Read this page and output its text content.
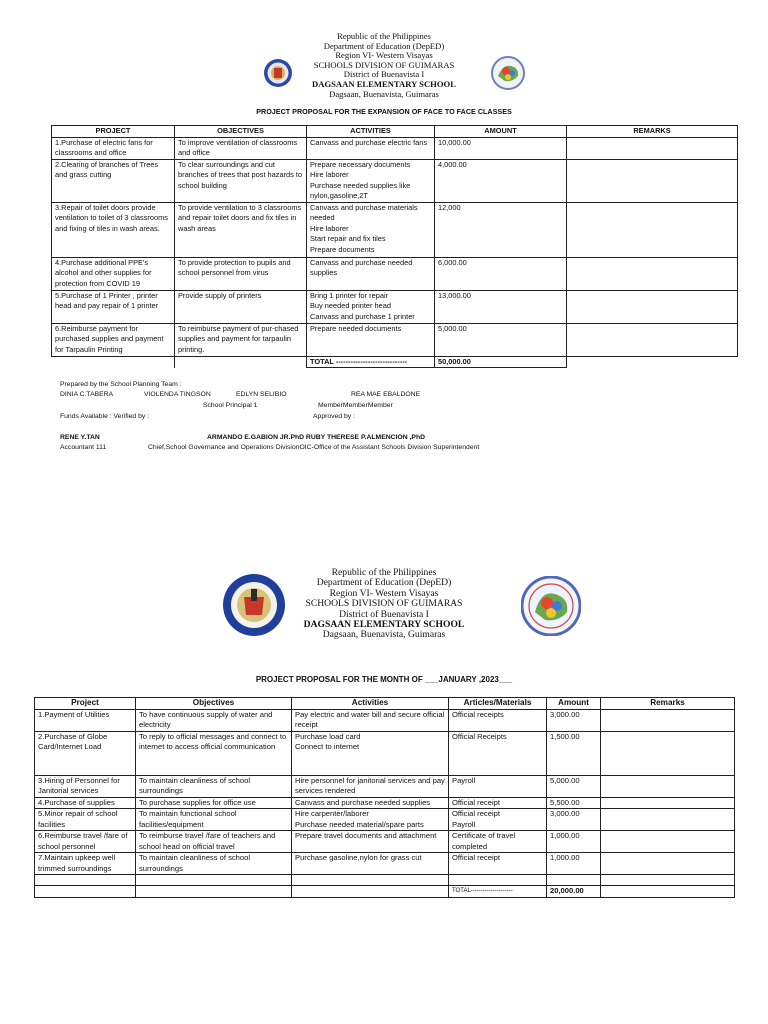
Republic of the Philippines
Department of Education (DepED)
Region VI- Western Visayas
SCHOOLS DIVISION OF GUIMARAS
District of Buenavista I
DAGSAAN ELEMENTARY SCHOOL
Dagsaan, Buenavista, Guimaras
PROJECT PROPOSAL FOR THE EXPANSION OF FACE TO FACE CLASSES
PROJECT	OBJECTIVES	ACTIVITIES	AMOUNT	REMARKS
1.Purchase of electric fans for classrooms and office	To improve ventilation of classrooms and office	Canvass and purchase electric fans	10,000.00	
2.Clearing of branches of Trees and grass cutting	To clear surroundings and cut branches of trees that post hazards to school building	Prepare necessary documents
Hire laborer
Purchase needed supplies like nylon,gasoline,2T	4,000.00	
3.Repair of toilet doors provide ventilation to toilet of 3 classrooms and fixing of tiles in wash areas.	To provide ventilation to 3 classrooms and repair toilet doors and fix tiles in wash areas	Canvass and purchase materials needed
Hire laborer
Start repair and fix tiles
Prepare documents	12,000	
4.Purchase additional PPE's alcohol and other supplies for protection from COVID 19	To provide protection to pupils and school personnel from virus	Canvass and purchase needed supplies	6,000.00	
5.Purchase of 1 Printer , printer head and pay repair of 1 printer	Provide supply of printers	Bring 1 printer for repair
Buy needed printer head
Canvass and purchase 1 printer	13,000.00	
6.Reimburse payment for purchased supplies and payment for Tarpaulin Printing	To reimburse payment of pur-chased supplies and payment for tarpaulin printing.	Prepare needed documents	5,000.00	
		TOTAL -----------------------------	50,000.00	
Prepared by the School Planning Team :
DINIA C.TABERA	VIOLENDA TINGSON	EDLYN SELIBIO	REA MAE EBALDONE
School Principal 1	MemberMemberMember
Funds Available : Verified by :	Approved by :
RENE Y.TAN	ARMANDO E.GABION JR.PhD RUBY THERESE P.ALMENCION ,PhD
Accountant 111	Chief,School Governance and Operations DivisionOIC-Office of the Assistant Schools Division Superintendent
Republic of the Philippines
Department of Education (DepED)
Region VI- Western Visayas
SCHOOLS DIVISION OF GUIMARAS
District of Buenavista I
DAGSAAN ELEMENTARY SCHOOL
Dagsaan, Buenavista, Guimaras
PROJECT PROPOSAL FOR THE MONTH OF ___JANUARY ,2023___
Project	Objectives	Activities	Articles/Materials	Amount	Remarks
1.Payment of Utilities	To have continuous supply of water and electricity	Pay electric and water bill and secure official receipt	Official receipts	3,000.00	
2.Purchase of Globe Card/Internet Load	To reply to official messages and connect to internet to access official communication	Purchase load card
Connect to internet	Official Receipts	1,500.00	
3.Hiring of Personnel for Janitorial services	To maintain cleanliness of school surroundings	Hire personnel for janitorial services and pay services rendered	Payroll	5,000.00	
4.Purchase of supplies	To purchase supplies for office use	Canvass and purchase needed supplies	Official receipt	5,500.00	
5.Minor repair of school facilities	To maintain functional school facilities/equipment	Hire carpenter/laborer
Purchase needed material/spare parts	Official receipt
Payroll	3,000.00	
6.Reimburse travel /fare of school personnel	To reimburse travel /fare of teachers and school head on official travel	Prepare travel documents and attachment	Certificate of travel completed	1,000.00	
7.Maintain upkeep well trimmed surroundings	To maintain cleanliness of school surroundings	Purchase gasoline,nylon for grass cut	Official receipt	1,000.00	

			TOTAL---------------------	20,000.00	
